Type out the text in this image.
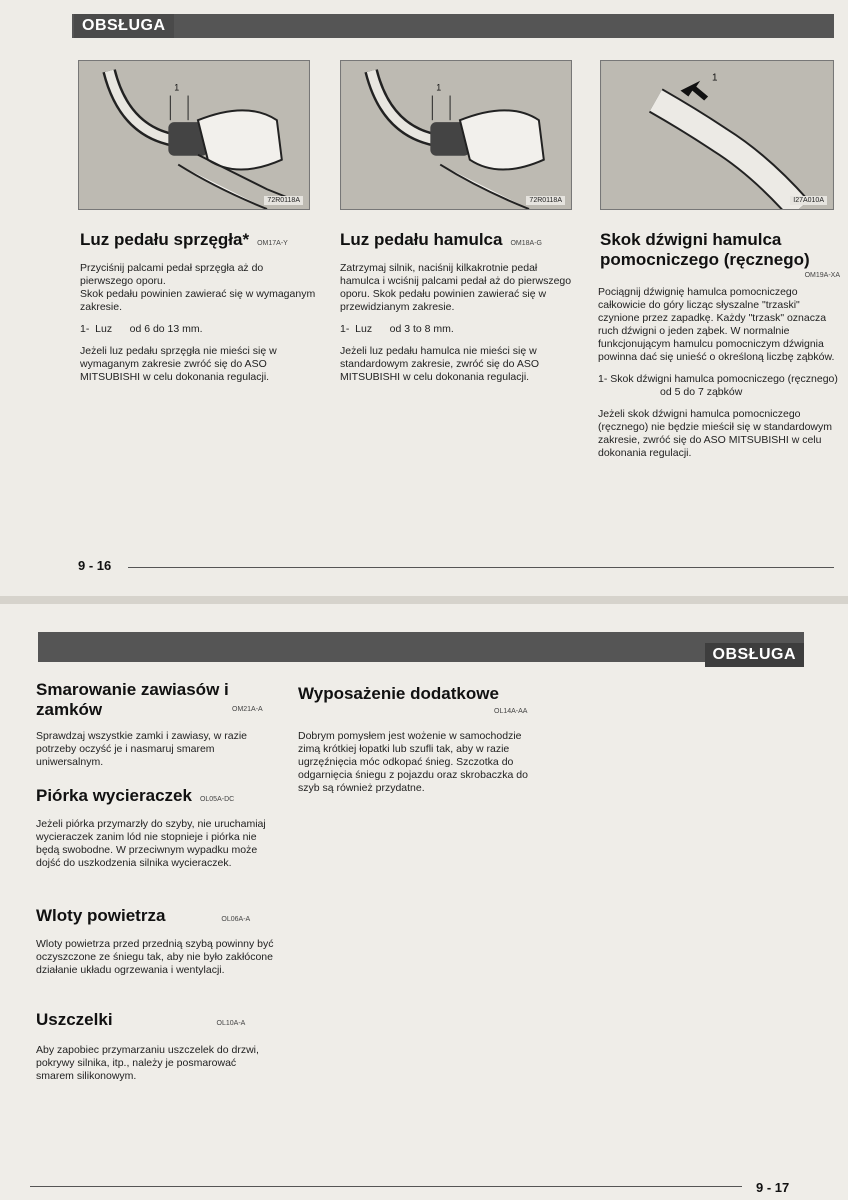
OBSŁUGA
1
72R0118A
1
72R0118A
1
I27A010A
Luz pedału sprzęgła* OM17A-Y

Przyciśnij palcami pedał sprzęgła aż do pierwszego oporu.

Skok pedału powinien zawierać się w wymaganym zakresie.

1-  Luz      od 6 do 13 mm.

Jeżeli luz pedału sprzęgła nie mieści się w wymaganym zakresie zwróć się do ASO MITSUBISHI w celu dokonania regulacji.

Luz pedału hamulca OM18A-G

Zatrzymaj silnik, naciśnij kilkakrotnie pedał hamulca i wciśnij palcami pedał aż do pierwszego oporu. Skok pedału powinien zawierać się w przewidzianym zakresie.

1-  Luz      od 3 to 8 mm.

Jeżeli luz pedału hamulca nie mieści się w standardowym zakresie, zwróć się do ASO MITSUBISHI w celu dokonania regulacji.

Skok dźwigni hamulca pomocniczego (ręcznego)
OM19A-XA

Pociągnij dźwignię hamulca pomocniczego całkowicie do góry licząc słyszalne "trzaski" czynione przez zapadkę. Każdy "trzask" oznacza ruch dźwigni o jeden ząbek. W normalnie funkcjonującym hamulcu pomocniczym dźwignia powinna dać się unieść o określoną liczbę ząbków.

1- Skok dźwigni hamulca pomocniczego (ręcznego)

od 5 do 7 ząbków

Jeżeli skok dźwigni hamulca pomocniczego (ręcznego) nie będzie mieścił się w standardowym zakresie, zwróć się do ASO MITSUBISHI w celu dokonania regulacji.

9 - 16
OBSŁUGA
Smarowanie zawiasów i zamków	OM21A-A
Sprawdzaj wszystkie zamki i zawiasy, w razie potrzeby oczyść je i nasmaruj smarem uniwersalnym.
Piórka wycieraczek OL05A-DC
Jeżeli piórka przymarzły do szyby, nie uruchamiaj wycieraczek zanim lód nie stopnieje i piórka nie będą swobodne. W przeciwnym wypadku może dojść do uszkodzenia silnika wycieraczek.
Wloty powietrza	OL06A-A
Wloty powietrza przed przednią szybą powinny być oczyszczone ze śniegu tak, aby nie było zakłócone działanie układu ogrzewania i wentylacji.
Uszczelki	OL10A-A
Aby zapobiec przymarzaniu uszczelek do drzwi, pokrywy silnika, itp., należy je posmarować smarem silikonowym.
Wyposażenie dodatkowe
OL14A-AA
Dobrym pomysłem jest wożenie w samochodzie zimą krótkiej łopatki lub szufli tak, aby w razie ugrzęźnięcia móc odkopać śnieg. Szczotka do odgarnięcia śniegu z pojazdu oraz skrobaczka do szyb są również przydatne.
9 - 17
